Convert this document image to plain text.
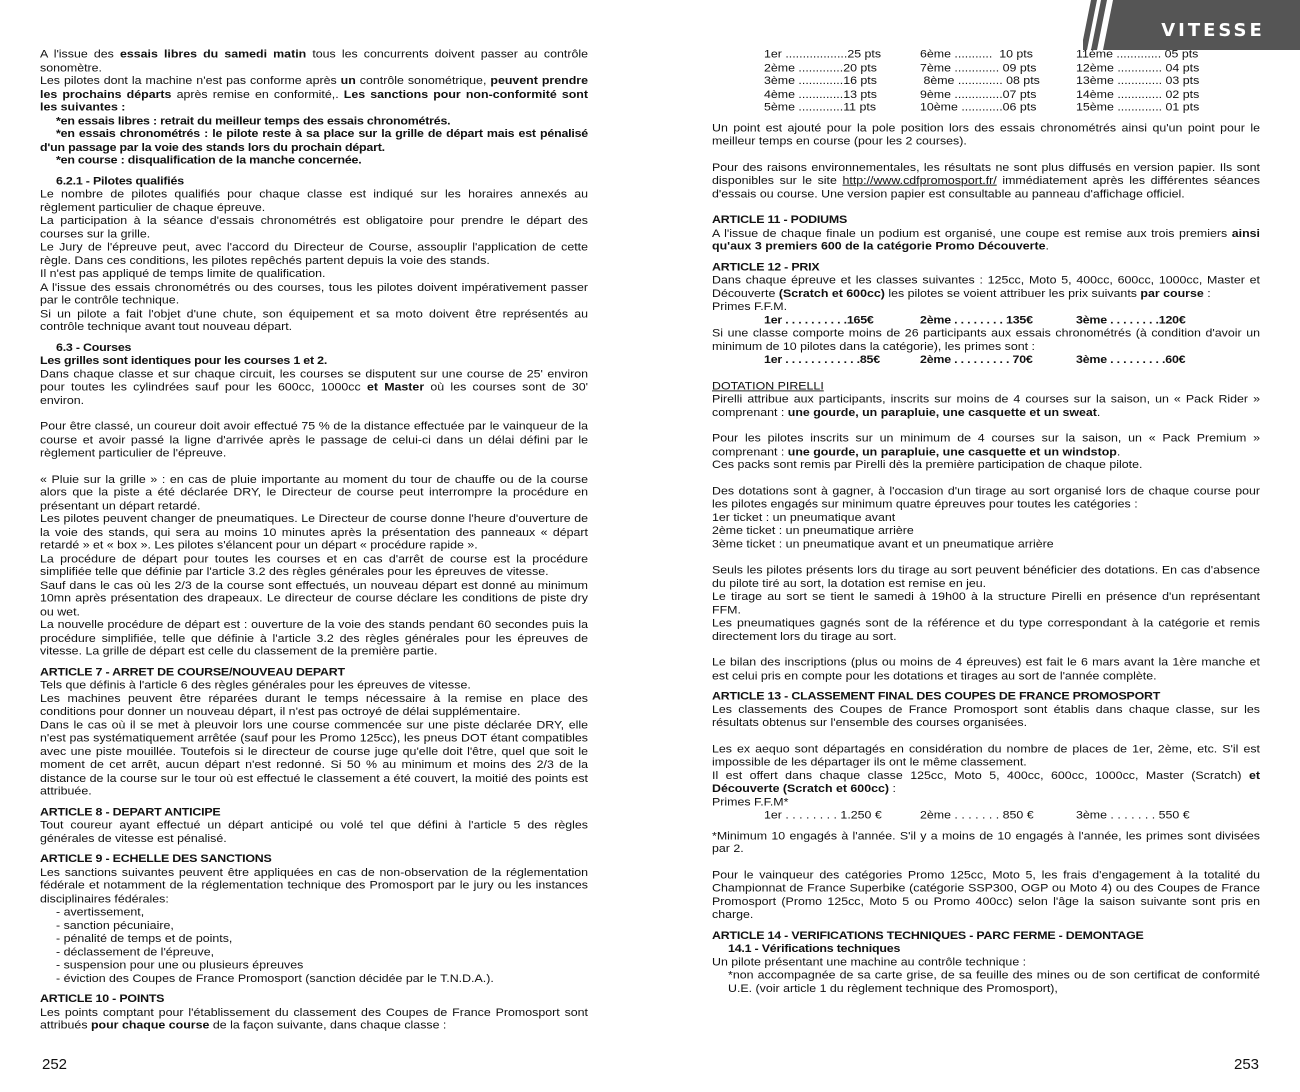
VITESSE

A l'issue des essais libres du samedi matin tous les concurrents doivent passer au contrôle sonomètre.

Les pilotes dont la machine n'est pas conforme après un contrôle sonométrique, peuvent prendre les prochains départs après remise en conformité,. Les sanctions pour non-conformité sont les suivantes :

*en essais libres : retrait du meilleur temps des essais chronométrés.

*en essais chronométrés : le pilote reste à sa place sur la grille de départ mais est pénalisé d'un passage par la voie des stands lors du prochain départ.

*en course : disqualification de la manche concernée.

6.2.1 - Pilotes qualifiés

Le nombre de pilotes qualifiés pour chaque classe est indiqué sur les horaires annexés au règlement particulier de chaque épreuve.

La participation à la séance d'essais chronométrés est obligatoire pour prendre le départ des courses sur la grille.

Le Jury de l'épreuve peut, avec l'accord du Directeur de Course, assouplir l'application de cette règle. Dans ces conditions, les pilotes repêchés partent depuis la voie des stands.

Il n'est pas appliqué de temps limite de qualification.

A l'issue des essais chronométrés ou des courses, tous les pilotes doivent impérativement passer par le contrôle technique.

Si un pilote a fait l'objet d'une chute, son équipement et sa moto doivent être représentés au contrôle technique avant tout nouveau départ.

6.3 - Courses

Les grilles sont identiques pour les courses 1 et 2.

Dans chaque classe et sur chaque circuit, les courses se disputent sur une course de 25' environ pour toutes les cylindrées sauf pour les 600cc, 1000cc et Master où les courses sont de 30' environ.

Pour être classé, un coureur doit avoir effectué 75 % de la distance effectuée par le vainqueur de la course et avoir passé la ligne d'arrivée après le passage de celui-ci dans un délai défini par le règlement particulier de l'épreuve.

« Pluie sur la grille » : en cas de pluie importante au moment du tour de chauffe ou de la course alors que la piste a été déclarée DRY, le Directeur de course peut interrompre la procédure en présentant un départ retardé.

Les pilotes peuvent changer de pneumatiques. Le Directeur de course donne l'heure d'ouverture de la voie des stands, qui sera au moins 10 minutes après la présentation des panneaux « départ retardé » et « box ». Les pilotes s'élancent pour un départ « procédure rapide ».

La procédure de départ pour toutes les courses et en cas d'arrêt de course est la procédure simplifiée telle que définie par l'article 3.2 des règles générales pour les épreuves de vitesse.

Sauf dans le cas où les 2/3 de la course sont effectués, un nouveau départ est donné au minimum 10mn après présentation des drapeaux. Le directeur de course déclare les conditions de piste dry ou wet.

La nouvelle procédure de départ est : ouverture de la voie des stands pendant 60 secondes puis la procédure simplifiée, telle que définie à l'article 3.2 des règles générales pour les épreuves de vitesse. La grille de départ est celle du classement de la première partie.

ARTICLE 7 - ARRET DE COURSE/NOUVEAU DEPART

Tels que définis à l'article 6 des règles générales pour les épreuves de vitesse.

Les machines peuvent être réparées durant le temps nécessaire à la remise en place des conditions pour donner un nouveau départ, il n'est pas octroyé de délai supplémentaire.

Dans le cas où il se met à pleuvoir lors une course commencée sur une piste déclarée DRY, elle n'est pas systématiquement arrêtée (sauf pour les Promo 125cc), les pneus DOT étant compatibles avec une piste mouillée. Toutefois si le directeur de course juge qu'elle doit l'être, quel que soit le moment de cet arrêt, aucun départ n'est redonné. Si 50 % au minimum et moins des 2/3 de la distance de la course sur le tour où est effectué le classement a été couvert, la moitié des points est attribuée.

ARTICLE 8 - DEPART ANTICIPE

Tout coureur ayant effectué un départ anticipé ou volé tel que défini à l'article 5 des règles générales de vitesse est pénalisé.

ARTICLE 9 - ECHELLE DES SANCTIONS

Les sanctions suivantes peuvent être appliquées en cas de non-observation de la réglementation fédérale et notamment de la réglementation technique des Promosport par le jury ou les instances disciplinaires fédérales:

- avertissement,

- sanction pécuniaire,

- pénalité de temps et de points,

- déclassement de l'épreuve,

- suspension pour une ou plusieurs épreuves

- éviction des Coupes de France Promosport (sanction décidée par le T.N.D.A.).

ARTICLE 10 - POINTS

Les points comptant pour l'établissement du classement des Coupes de France Promosport sont attribués pour chaque course de la façon suivante, dans chaque classe :

252
1er ..................25 pts	6ème ...........  10 pts	11ème ............. 05 pts
2ème .............20 pts	7ème ............. 09 pts	12ème ............. 04 pts
3ème .............16 pts	8ème ............. 08 pts	13ème ............. 03 pts
4ème .............13 pts	9ème ..............07 pts	14ème ............. 02 pts
5ème .............11 pts	10ème ............06 pts	15ème ............. 01 pts

Un point est ajouté pour la pole position lors des essais chronométrés ainsi qu'un point pour le meilleur temps en course (pour les 2 courses).

Pour des raisons environnementales, les résultats ne sont plus diffusés en version papier. Ils sont disponibles sur le site http://www.cdfpromosport.fr/ immédiatement après les différentes séances d'essais ou course. Une version papier est consultable au panneau d'affichage officiel.

ARTICLE 11 - PODIUMS

A l'issue de chaque finale un podium est organisé, une coupe est remise aux trois premiers ainsi qu'aux 3 premiers 600 de la catégorie Promo Découverte.

ARTICLE 12 - PRIX

Dans chaque épreuve et les classes suivantes : 125cc, Moto 5, 400cc, 600cc, 1000cc, Master et Découverte (Scratch et 600cc) les pilotes se voient attribuer les prix suivants par course :

Primes F.F.M.

1er . . . . . . . . . .165€	2ème . . . . . . . . 135€	3ème . . . . . . . .120€

Si une classe comporte moins de 26 participants aux essais chronométrés (à condition d'avoir un minimum de 10 pilotes dans la catégorie), les primes sont :

1er . . . . . . . . . . . .85€	2ème . . . . . . . . . 70€	3ème . . . . . . . . .60€

DOTATION PIRELLI

Pirelli attribue aux participants, inscrits sur moins de 4 courses sur la saison, un « Pack Rider » comprenant : une gourde, un parapluie, une casquette et un sweat.

Pour les pilotes inscrits sur un minimum de 4 courses sur la saison, un « Pack Premium » comprenant : une gourde, un parapluie, une casquette et un windstop.

Ces packs sont remis par Pirelli dès la première participation de chaque pilote.

Des dotations sont à gagner, à l'occasion d'un tirage au sort organisé lors de chaque course pour les pilotes engagés sur minimum quatre épreuves pour toutes les catégories :

1er ticket : un pneumatique avant

2ème ticket : un pneumatique arrière

3ème ticket : un pneumatique avant et un pneumatique arrière

Seuls les pilotes présents lors du tirage au sort peuvent bénéficier des dotations. En cas d'absence du pilote tiré au sort, la dotation est remise en jeu.

Le tirage au sort se tient le samedi à 19h00 à la structure Pirelli en présence d'un représentant FFM.

Les pneumatiques gagnés sont de la référence et du type correspondant à la catégorie et remis directement lors du tirage au sort.

Le bilan des inscriptions (plus ou moins de 4 épreuves) est fait le 6 mars avant la 1ère manche et est celui pris en compte pour les dotations et tirages au sort de l'année complète.

ARTICLE 13 - CLASSEMENT FINAL DES COUPES DE FRANCE PROMOSPORT

Les classements des Coupes de France Promosport sont établis dans chaque classe, sur les résultats obtenus sur l'ensemble des courses organisées.

Les ex aequo sont départagés en considération du nombre de places de 1er, 2ème, etc. S'il est impossible de les départager ils ont le même classement.

Il est offert dans chaque classe 125cc, Moto 5, 400cc, 600cc, 1000cc, Master (Scratch) et Découverte (Scratch et 600cc) :

Primes F.F.M*

1er . . . . . . . . 1.250 €	2ème . . . . . . . 850 €	3ème . . . . . . . 550 €

*Minimum 10 engagés à l'année. S'il y a moins de 10 engagés à l'année, les primes sont divisées par 2.

Pour le vainqueur des catégories Promo 125cc, Moto 5, les frais d'engagement à la totalité du Championnat de France Superbike (catégorie SSP300, OGP ou Moto 4) ou des Coupes de France Promosport (Promo 125cc, Moto 5 ou Promo 400cc) selon l'âge la saison suivante sont pris en charge.

ARTICLE 14 - VERIFICATIONS TECHNIQUES - PARC FERME - DEMONTAGE

14.1 - Vérifications techniques

Un pilote présentant une machine au contrôle technique :

*non accompagnée de sa carte grise, de sa feuille des mines ou de son certificat de conformité U.E. (voir article 1 du règlement technique des Promosport),

253
